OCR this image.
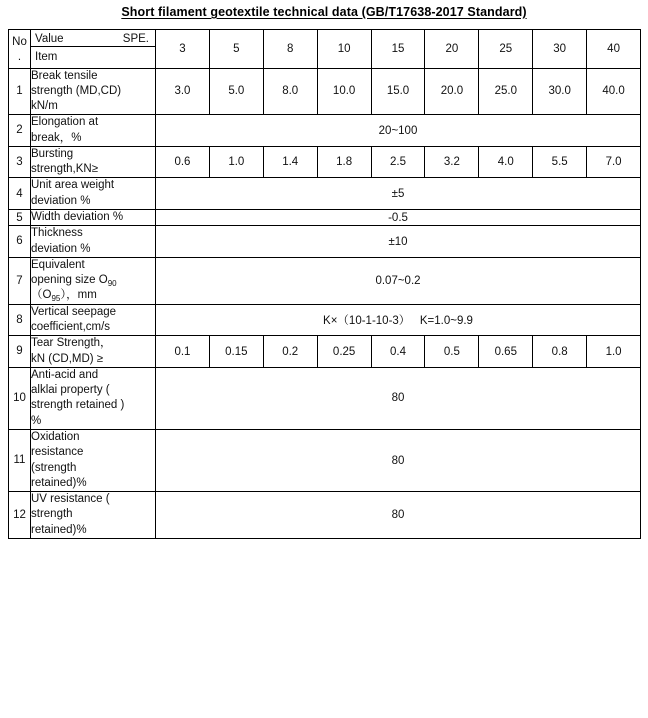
Short filament geotextile technical data (GB/T17638-2017 Standard)
No
.	Value SPE.
Item	3	5	8	10	15	20	25	30	40
1	Break tensile
strength (MD,CD)
kN/m	3.0	5.0	8.0	10.0	15.0	20.0	25.0	30.0	40.0
2	Elongation at
break，%	20~100								
3	Bursting
strength,KN≥	0.6	1.0	1.4	1.8	2.5	3.2	4.0	5.5	7.0
4	Unit area weight
deviation %	±5								
5	Width deviation %	-0.5								
6	Thickness
deviation %	±10								
7	Equivalent
opening size $O_{90}$
$(O_{95})$，mm	0.07~0.2								
8	Vertical seepage
coefficient,cm/s	K×（10-1-10-3）   K=1.0~9.9								
9	Tear Strength，
kN (CD,MD) ≥	0.1	0.15	0.2	0.25	0.4	0.5	0.65	0.8	1.0
10	Anti-acid and
alklai property (
strength retained )
%	80								
11	Oxidation
resistance
(strength
retained)%	80								
12	UV resistance (
strength
retained)%	80								
